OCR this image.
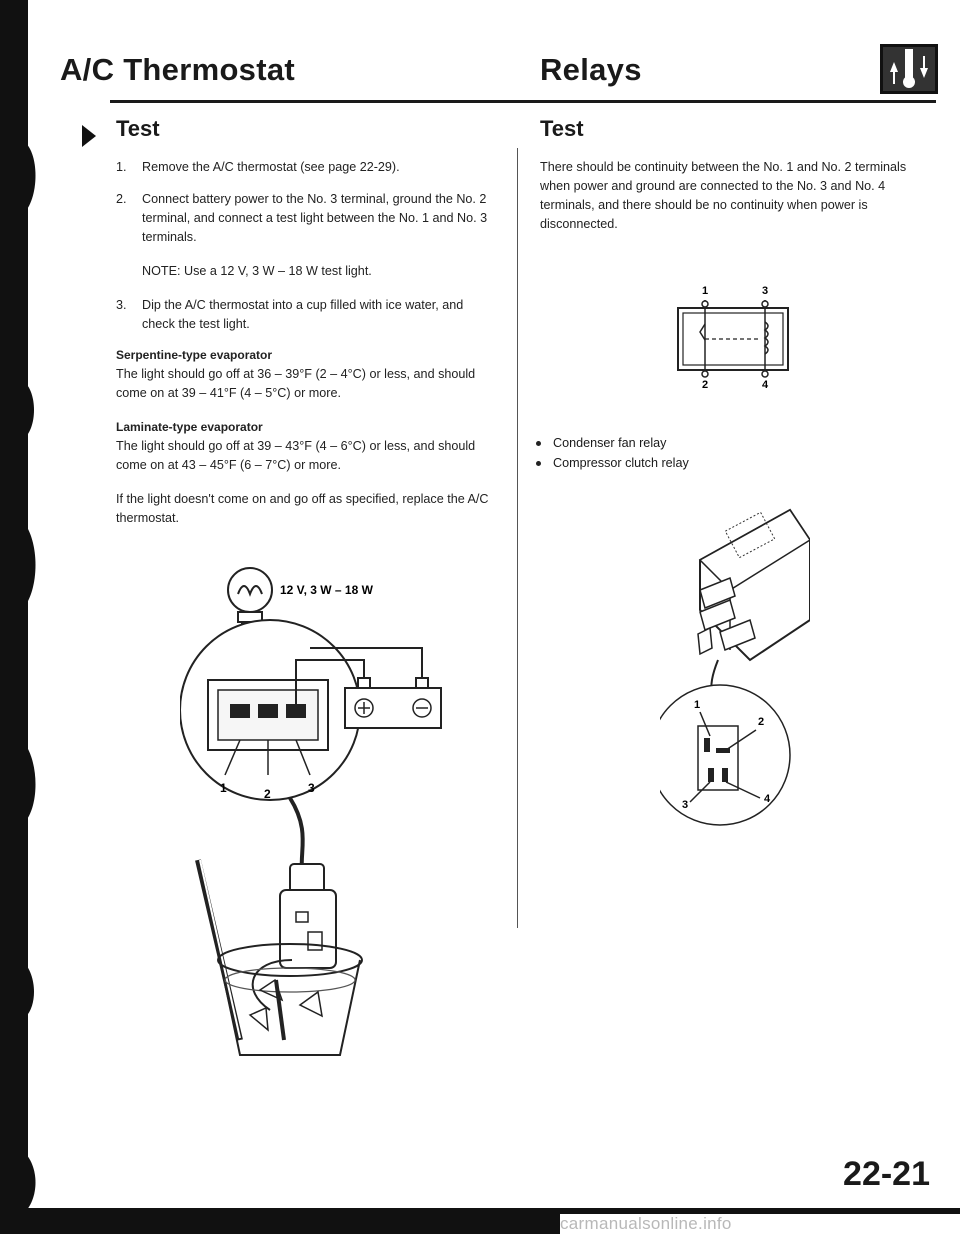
A/C Thermostat	Relays
Test
1. Remove the A/C thermostat (see page 22-29).
2. Connect battery power to the No. 3 terminal, ground the No. 2 terminal, and connect a test light between the No. 1 and No. 3 terminals.
NOTE: Use a 12 V, 3 W – 18 W test light.
3. Dip the A/C thermostat into a cup filled with ice water, and check the test light.
Serpentine-type evaporator
The light should go off at 36 – 39°F (2 – 4°C) or less, and should come on at 39 – 41°F (4 – 5°C) or more.
Laminate-type evaporator
The light should go off at 39 – 43°F (4 – 6°C) or less, and should come on at 43 – 45°F (6 – 7°C) or more.
If the light doesn't come on and go off as specified, replace the A/C thermostat.
12 V, 3 W – 18 W
1	2	3
Test
There should be continuity between the No. 1 and No. 2 terminals when power and ground are connected to the No. 3 and No. 4 terminals, and there should be no continuity when power is disconnected.
1	3
2	4
Condenser fan relay
Compressor clutch relay
1
2
3	4
22-21
carmanualsonline.info
